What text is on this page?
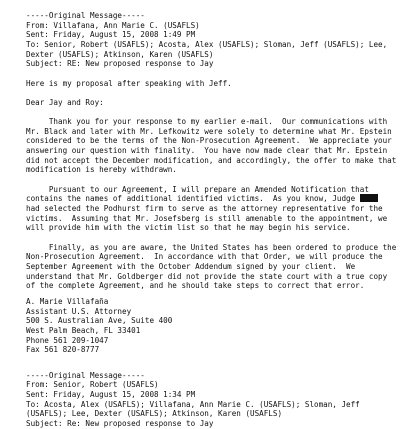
-----Original Message-----
From: Villafana, Ann Marie C. (USAFLS)
Sent: Friday, August 15, 2008 1:49 PM
To: Senior, Robert (USAFLS); Acosta, Alex (USAFLS); Sloman, Jeff (USAFLS); Lee,
Dexter (USAFLS); Atkinson, Karen (USAFLS)
Subject: RE: New proposed response to Jay
Here is my proposal after speaking with Jeff.
Dear Jay and Roy:
Thank you for your response to my earlier e-mail.  Our communications with
Mr. Black and later with Mr. Lefkowitz were solely to determine what Mr. Epstein
considered to be the terms of the Non-Prosecution Agreement.  We appreciate your
answering our question with finality.  You have now made clear that Mr. Epstein
did not accept the December modification, and accordingly, the offer to make that
modification is hereby withdrawn.
Pursuant to our Agreement, I will prepare an Amended Notification that
contains the names of additional identified victims.  As you know, Judge
had selected the Podhurst firm to serve as the attorney representative for the
victims.  Assuming that Mr. Josefsberg is still amenable to the appointment, we
will provide him with the victim list so that he may begin his service.
Finally, as you are aware, the United States has been ordered to produce the
Non-Prosecution Agreement.  In accordance with that Order, we will produce the
September Agreement with the October Addendum signed by your client.  We
understand that Mr. Goldberger did not provide the state court with a true copy
of the complete Agreement, and he should take steps to correct that error.
A. Marie Villafaña
Assistant U.S. Attorney
500 S. Australian Ave, Suite 400
West Palm Beach, FL 33401
Phone 561 209-1047
Fax 561 820-8777
-----Original Message-----
From: Senior, Robert (USAFLS)
Sent: Friday, August 15, 2008 1:34 PM
To: Acosta, Alex (USAFLS); Villafana, Ann Marie C. (USAFLS); Sloman, Jeff
(USAFLS); Lee, Dexter (USAFLS); Atkinson, Karen (USAFLS)
Subject: Re: New proposed response to Jay
